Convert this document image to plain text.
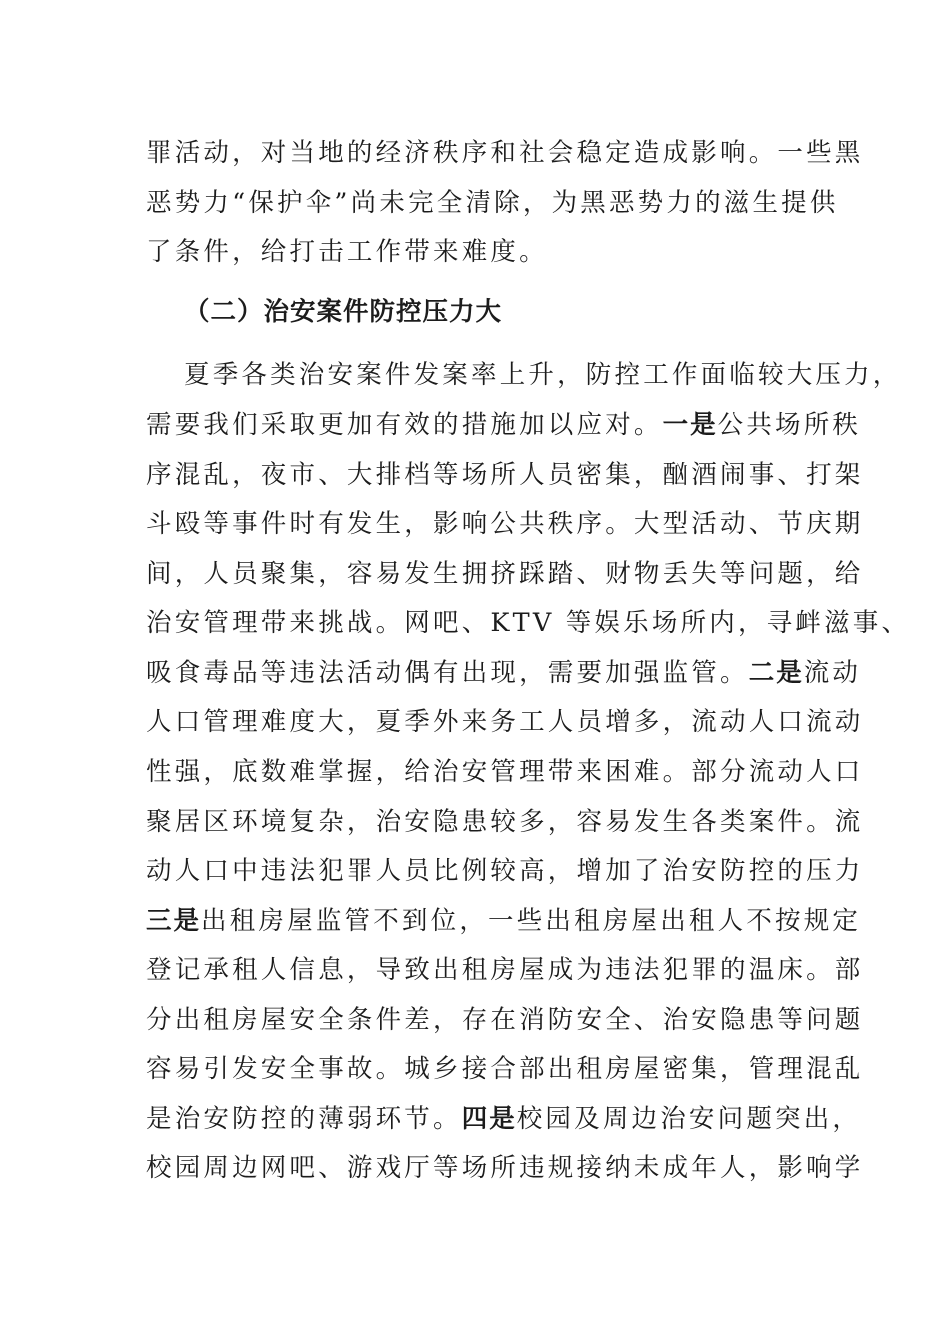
罪活动，对当地的经济秩序和社会稳定造成影响。一些黑
恶势力“保护伞”尚未完全清除，为黑恶势力的滋生提供
了条件，给打击工作带来难度。
（二）治安案件防控压力大
夏季各类治安案件发案率上升，防控工作面临较大压力，
需要我们采取更加有效的措施加以应对。一是公共场所秩
序混乱，夜市、大排档等场所人员密集，酗酒闹事、打架
斗殴等事件时有发生，影响公共秩序。大型活动、节庆期
间，人员聚集，容易发生拥挤踩踏、财物丢失等问题，给
治安管理带来挑战。网吧、KTV 等娱乐场所内，寻衅滋事、
吸食毒品等违法活动偶有出现，需要加强监管。二是流动
人口管理难度大，夏季外来务工人员增多，流动人口流动
性强，底数难掌握，给治安管理带来困难。部分流动人口
聚居区环境复杂，治安隐患较多，容易发生各类案件。流
动人口中违法犯罪人员比例较高，增加了治安防控的压力
三是出租房屋监管不到位，一些出租房屋出租人不按规定
登记承租人信息，导致出租房屋成为违法犯罪的温床。部
分出租房屋安全条件差，存在消防安全、治安隐患等问题
容易引发安全事故。城乡接合部出租房屋密集，管理混乱
是治安防控的薄弱环节。四是校园及周边治安问题突出，
校园周边网吧、游戏厅等场所违规接纳未成年人，影响学
